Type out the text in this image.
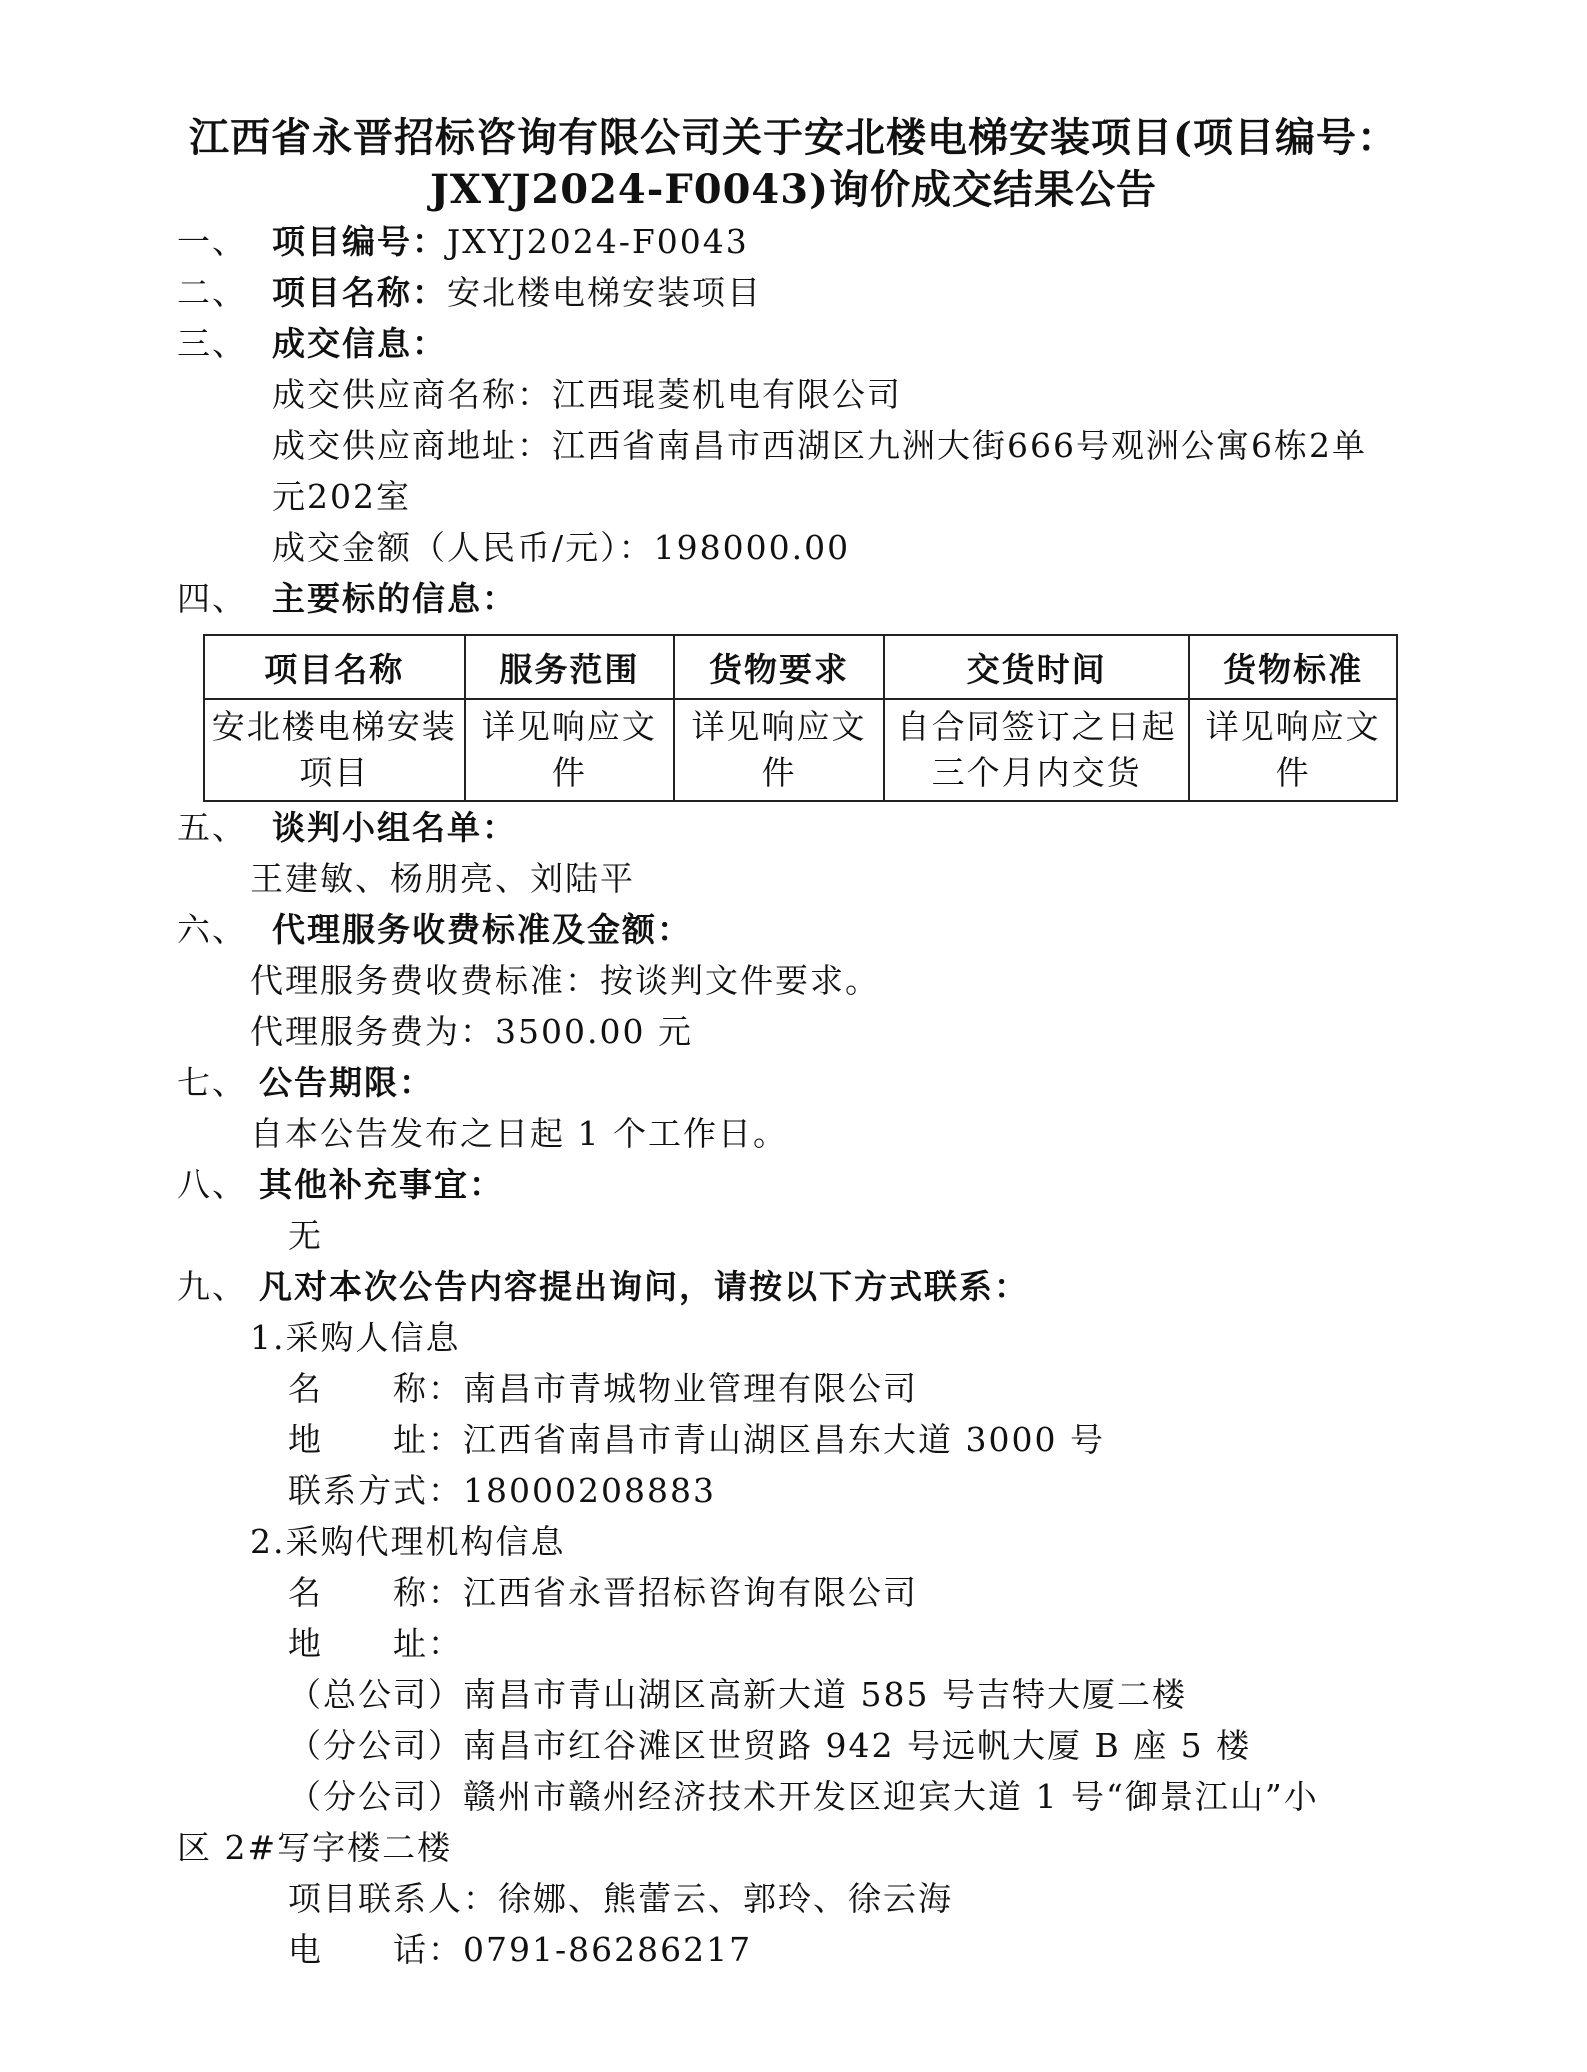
江西省永晋招标咨询有限公司关于安北楼电梯安装项目(项目编号：
JXYJ2024-F0043)询价成交结果公告
一、 项目编号：JXYJ2024-F0043
二、 项目名称：安北楼电梯安装项目
三、 成交信息：
成交供应商名称：江西琨菱机电有限公司
成交供应商地址：江西省南昌市西湖区九洲大街666号观洲公寓6栋2单
元202室
成交金额（人民币/元）：198000.00
四、 主要标的信息：
项目名称	服务范围	货物要求	交货时间	货物标准
安北楼电梯安装项目	详见响应文件	详见响应文件	自合同签订之日起三个月内交货	详见响应文件
五、 谈判小组名单：
王建敏、杨朋亮、刘陆平
六、 代理服务收费标准及金额：
代理服务费收费标准：按谈判文件要求。
代理服务费为：3500.00 元
七、 公告期限：
自本公告发布之日起 1 个工作日。
八、 其他补充事宜：
无
九、 凡对本次公告内容提出询问，请按以下方式联系：
1.采购人信息
名　　称：南昌市青城物业管理有限公司
地　　址：江西省南昌市青山湖区昌东大道 3000 号
联系方式：18000208883
2.采购代理机构信息
名　　称：江西省永晋招标咨询有限公司
地　　址：
（总公司）南昌市青山湖区高新大道 585 号吉特大厦二楼
（分公司）南昌市红谷滩区世贸路 942 号远帆大厦 B 座 5 楼
（分公司）赣州市赣州经济技术开发区迎宾大道 1 号“御景江山”小
区 2#写字楼二楼
项目联系人：徐娜、熊蕾云、郭玲、徐云海
电　　话：0791-86286217
